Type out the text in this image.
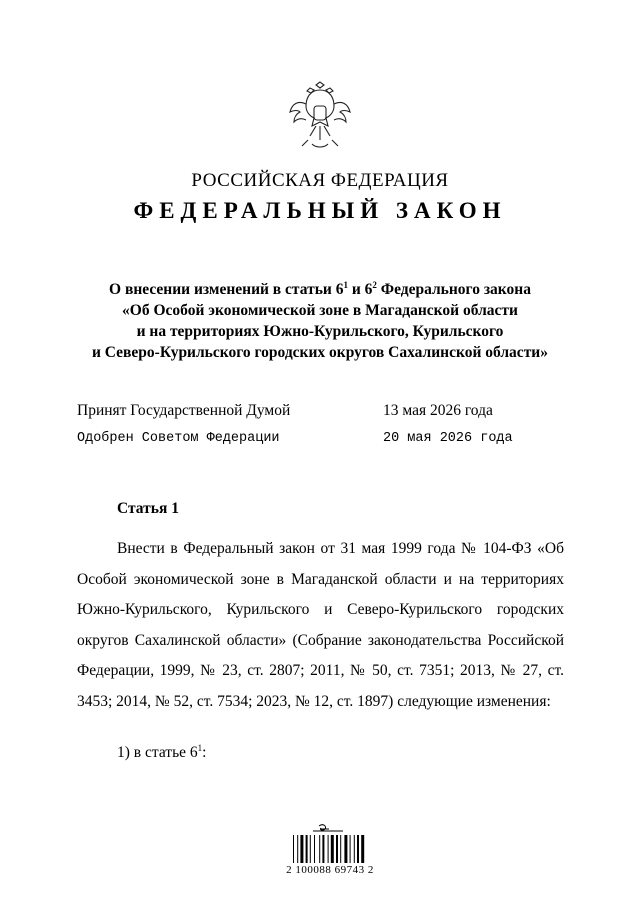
РОССИЙСКАЯ ФЕДЕРАЦИЯ
ФЕДЕРАЛЬНЫЙ ЗАКОН
О внесении изменений в статьи $6^1$ и $6^2$ Федерального закона
«Об Особой экономической зоне в Магаданской области
и на территориях Южно-Курильского, Курильского
и Северо-Курильского городских округов Сахалинской области»
Принят Государственной Думой	13 мая 2026 года
Одобрен Советом Федерации	20 мая 2026 года
Статья 1
Внести в Федеральный закон от 31 мая 1999 года № 104-ФЗ «Об Особой экономической зоне в Магаданской области и на территориях Южно-Курильского, Курильского и Северо-Курильского городских округов Сахалинской области» (Собрание законодательства Российской Федерации, 1999, № 23, ст. 2807; 2011, № 50, ст. 7351; 2013, № 27, ст. 3453; 2014, № 52, ст. 7534; 2023, № 12, ст. 1897) следующие изменения:
1) в статье $6^1$:
2 100088 69743 2
